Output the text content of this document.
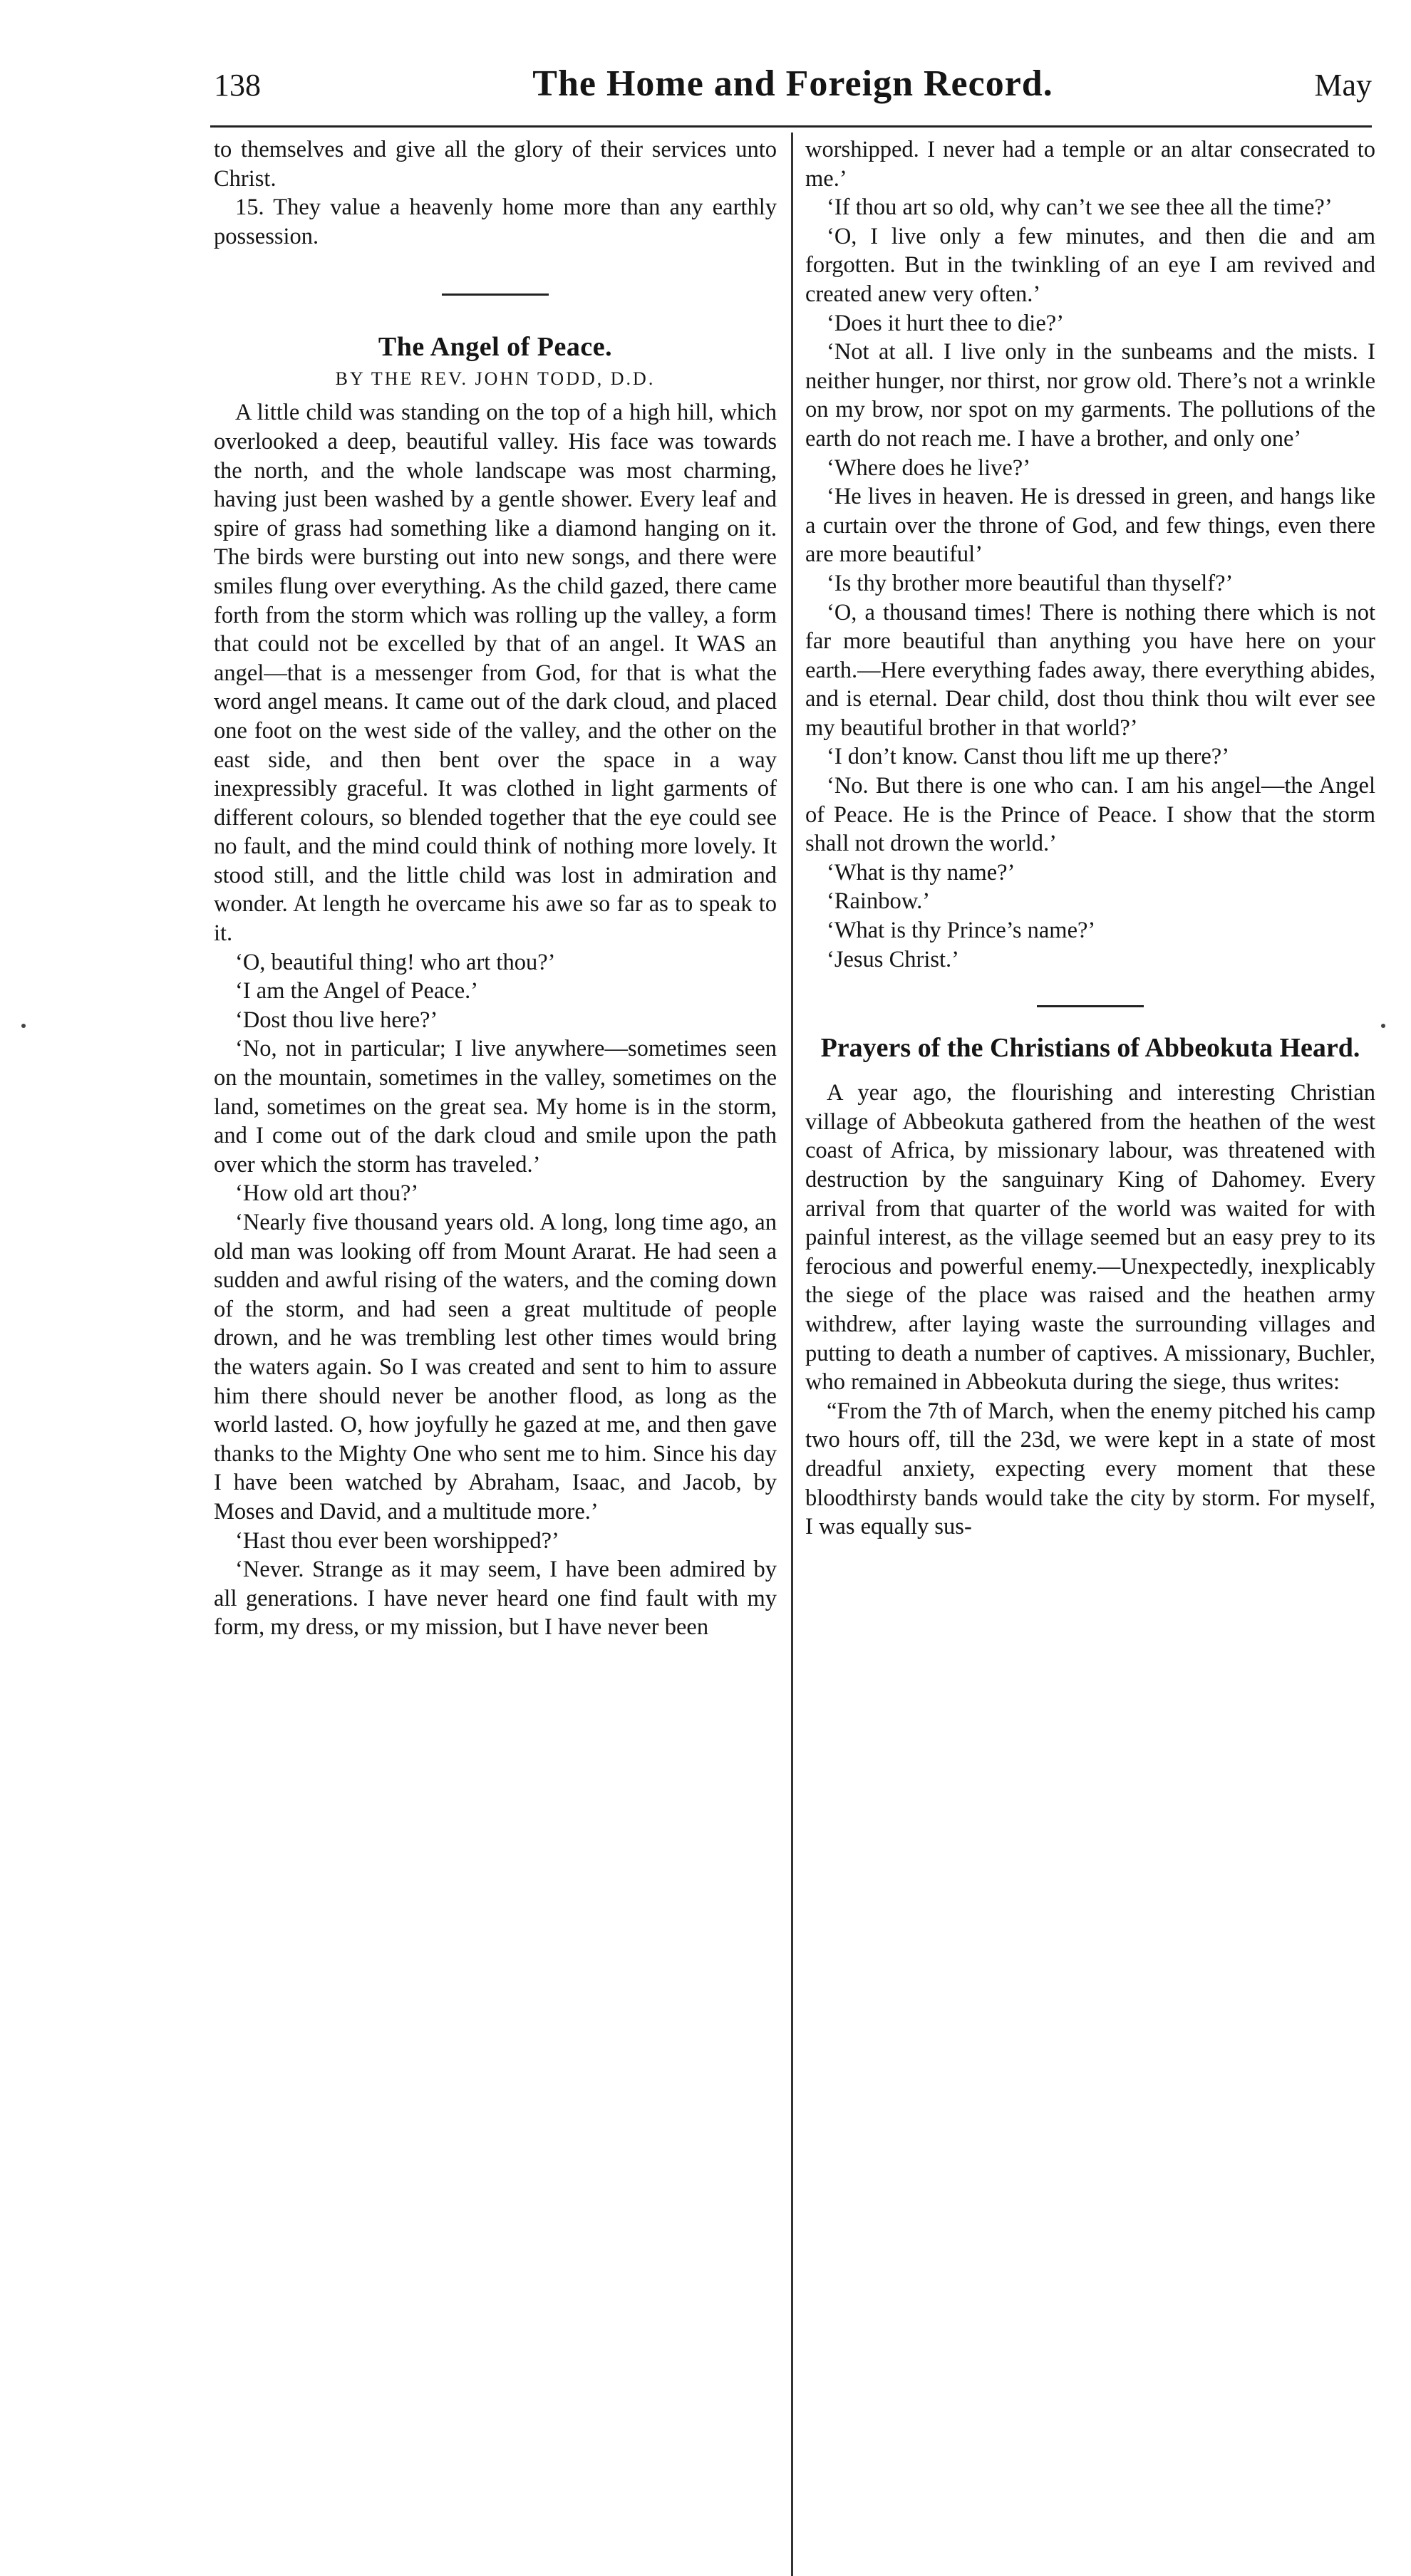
138	The Home and Foreign Record.	May

to themselves and give all the glory of their services unto Christ.

15. They value a heavenly home more than any earthly possession.

The Angel of Peace.
BY THE REV. JOHN TODD, D.D.

A little child was standing on the top of a high hill, which overlooked a deep, beautiful valley. His face was towards the north, and the whole landscape was most charming, having just been washed by a gentle shower. Every leaf and spire of grass had something like a diamond hanging on it. The birds were bursting out into new songs, and there were smiles flung over everything. As the child gazed, there came forth from the storm which was rolling up the valley, a form that could not be excelled by that of an angel. It WAS an angel—that is a messenger from God, for that is what the word angel means. It came out of the dark cloud, and placed one foot on the west side of the valley, and the other on the east side, and then bent over the space in a way inexpressibly graceful. It was clothed in light garments of different colours, so blended together that the eye could see no fault, and the mind could think of nothing more lovely. It stood still, and the little child was lost in admiration and wonder. At length he overcame his awe so far as to speak to it.

‘O, beautiful thing! who art thou?’

‘I am the Angel of Peace.’

‘Dost thou live here?’

‘No, not in particular; I live anywhere—sometimes seen on the mountain, sometimes in the valley, sometimes on the land, sometimes on the great sea. My home is in the storm, and I come out of the dark cloud and smile upon the path over which the storm has traveled.’

‘How old art thou?’

‘Nearly five thousand years old. A long, long time ago, an old man was looking off from Mount Ararat. He had seen a sudden and awful rising of the waters, and the coming down of the storm, and had seen a great multitude of people drown, and he was trembling lest other times would bring the waters again. So I was created and sent to him to assure him there should never be another flood, as long as the world lasted. O, how joyfully he gazed at me, and then gave thanks to the Mighty One who sent me to him. Since his day I have been watched by Abraham, Isaac, and Jacob, by Moses and David, and a multitude more.’

‘Hast thou ever been worshipped?’

‘Never. Strange as it may seem, I have been admired by all generations. I have never heard one find fault with my form, my dress, or my mission, but I have never been

worshipped. I never had a temple or an altar consecrated to me.’

‘If thou art so old, why can’t we see thee all the time?’

‘O, I live only a few minutes, and then die and am forgotten. But in the twinkling of an eye I am revived and created anew very often.’

‘Does it hurt thee to die?’

‘Not at all. I live only in the sunbeams and the mists. I neither hunger, nor thirst, nor grow old. There’s not a wrinkle on my brow, nor spot on my garments. The pollutions of the earth do not reach me. I have a brother, and only one’

‘Where does he live?’

‘He lives in heaven. He is dressed in green, and hangs like a curtain over the throne of God, and few things, even there are more beautiful’

‘Is thy brother more beautiful than thyself?’

‘O, a thousand times! There is nothing there which is not far more beautiful than anything you have here on your earth.—Here everything fades away, there everything abides, and is eternal. Dear child, dost thou think thou wilt ever see my beautiful brother in that world?’

‘I don’t know. Canst thou lift me up there?’

‘No. But there is one who can. I am his angel—the Angel of Peace. He is the Prince of Peace. I show that the storm shall not drown the world.’

‘What is thy name?’

‘Rainbow.’

‘What is thy Prince’s name?’

‘Jesus Christ.’

Prayers of the Christians of Abbeokuta Heard.

A year ago, the flourishing and interesting Christian village of Abbeokuta gathered from the heathen of the west coast of Africa, by missionary labour, was threatened with destruction by the sanguinary King of Dahomey. Every arrival from that quarter of the world was waited for with painful interest, as the village seemed but an easy prey to its ferocious and powerful enemy.—Unexpectedly, inexplicably the siege of the place was raised and the heathen army withdrew, after laying waste the surrounding villages and putting to death a number of captives. A missionary, Buchler, who remained in Abbeokuta during the siege, thus writes:

“From the 7th of March, when the enemy pitched his camp two hours off, till the 23d, we were kept in a state of most dreadful anxiety, expecting every moment that these bloodthirsty bands would take the city by storm. For myself, I was equally sus-
